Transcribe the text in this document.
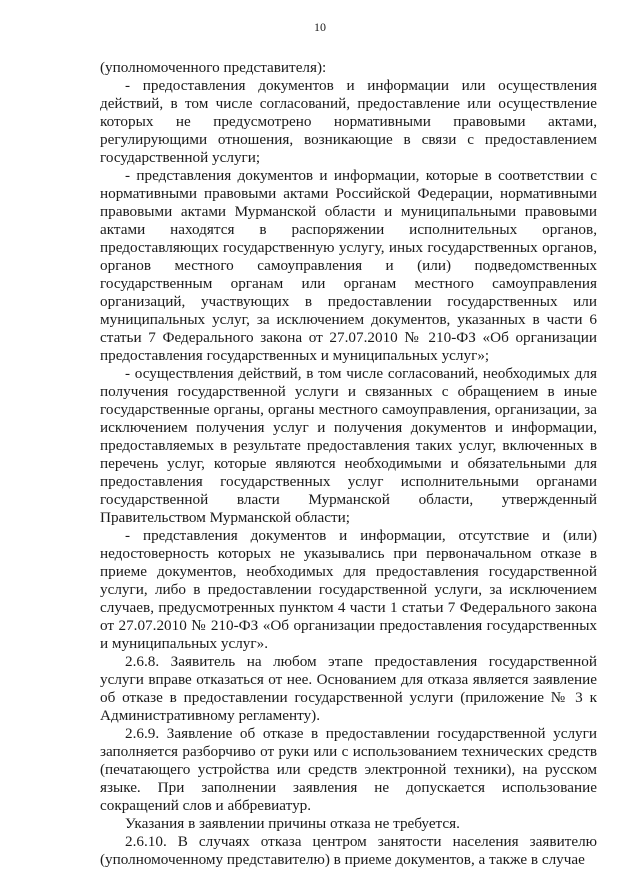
10

(уполномоченного представителя):

- предоставления документов и информации или осуществления действий, в том числе согласований, предоставление или осуществление которых не предусмотрено нормативными правовыми актами, регулирующими отношения, возникающие в связи с предоставлением государственной услуги;

- представления документов и информации, которые в соответствии с нормативными правовыми актами Российской Федерации, нормативными правовыми актами Мурманской области и муниципальными правовыми актами находятся в распоряжении исполнительных органов, предоставляющих государственную услугу, иных государственных органов, органов местного самоуправления и (или) подведомственных государственным органам или органам местного самоуправления организаций, участвующих в предоставлении государственных или муниципальных услуг, за исключением документов, указанных в части 6 статьи 7 Федерального закона от 27.07.2010 № 210-ФЗ «Об организации предоставления государственных и муниципальных услуг»;

- осуществления действий, в том числе согласований, необходимых для получения государственной услуги и связанных с обращением в иные государственные органы, органы местного самоуправления, организации, за исключением получения услуг и получения документов и информации, предоставляемых в результате предоставления таких услуг, включенных в перечень услуг, которые являются необходимыми и обязательными для предоставления государственных услуг исполнительными органами государственной власти Мурманской области, утвержденный Правительством Мурманской области;

- представления документов и информации, отсутствие и (или) недостоверность которых не указывались при первоначальном отказе в приеме документов, необходимых для предоставления государственной услуги, либо в предоставлении государственной услуги, за исключением случаев, предусмотренных пунктом 4 части 1 статьи 7 Федерального закона от 27.07.2010 № 210-ФЗ «Об организации предоставления государственных и муниципальных услуг».

2.6.8. Заявитель на любом этапе предоставления государственной услуги вправе отказаться от нее. Основанием для отказа является заявление об отказе в предоставлении государственной услуги (приложение № 3 к Административному регламенту).

2.6.9. Заявление об отказе в предоставлении государственной услуги заполняется разборчиво от руки или с использованием технических средств (печатающего устройства или средств электронной техники), на русском языке. При заполнении заявления не допускается использование сокращений слов и аббревиатур.

Указания в заявлении причины отказа не требуется.

2.6.10. В случаях отказа центром занятости населения заявителю (уполномоченному представителю) в приеме документов, а также в случае
